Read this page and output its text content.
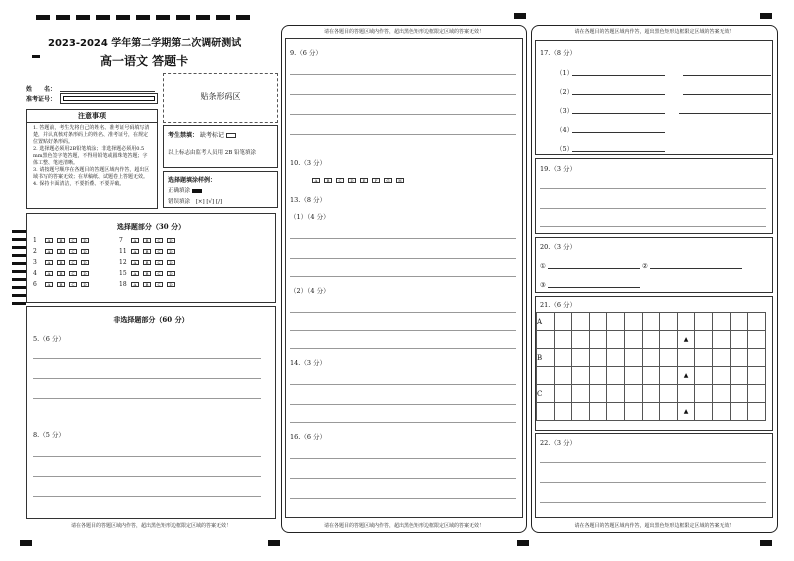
2023-2024 学年第二学期第二次调研测试
高一语文 答题卡
姓　　名：
准考证号：	贴条形码区
注意事项
1. 答题前，考生先将自己的姓名、准考证号码填写清楚，并认真核对条形码上的姓名、准考证号，在规定位置贴好条形码。
2. 选择题必须用2B铅笔填涂；非选择题必须用0.5 mm黑色签字笔答题，不得用铅笔或圆珠笔答题；字体工整、笔迹清晰。
3. 请按题号顺序在各题目的答题区域内作答，超出区域书写的答案无效；在草稿纸、试题卷上答题无效。
4. 保持卡面清洁，不要折叠、不要弄破。
考生禁填： 缺考标记
以上标志由监考人员用 2B 铅笔填涂
选择题填涂样例：
正确填涂
错误填涂 [×] [√] [/]
选择题部分（30 分）
1	A B C D
2	A B C D
3	A B C D
4	A B C D
6	A B C D
7	A B C D
11 A B C D
12 A B C D
15 A B C D
18 A B C D
非选择题部分（60 分）
5.（6 分）
8.（5 分）
请在各题目的答题区域内作答，超出黑色矩形边框限定区域的答案无效！
请在各题目的答题区域内作答，超出黑色矩形边框限定区域的答案无效！
9.（6 分）
10.（3 分）
A B C D E F G H
13.（8 分）
（1）（4 分）
（2）（4 分）
14.（3 分）
16.（6 分）
请在各题目的答题区域内作答，超出黑色矩形边框限定区域的答案无效！
请在各题目的答题区域内作答，超出黑色矩形边框限定区域的答案无效！
17.（8 分）
（1）
（2）
（3）
（4）
（5）
19.（3 分）
20.（3 分）
①	②
③
21.（6 分）
A												
								▲				
B												
								▲				
C												
								▲				
22.（3 分）
请在各题目的答题区域内作答，超出黑色矩形边框限定区域的答案无效！
